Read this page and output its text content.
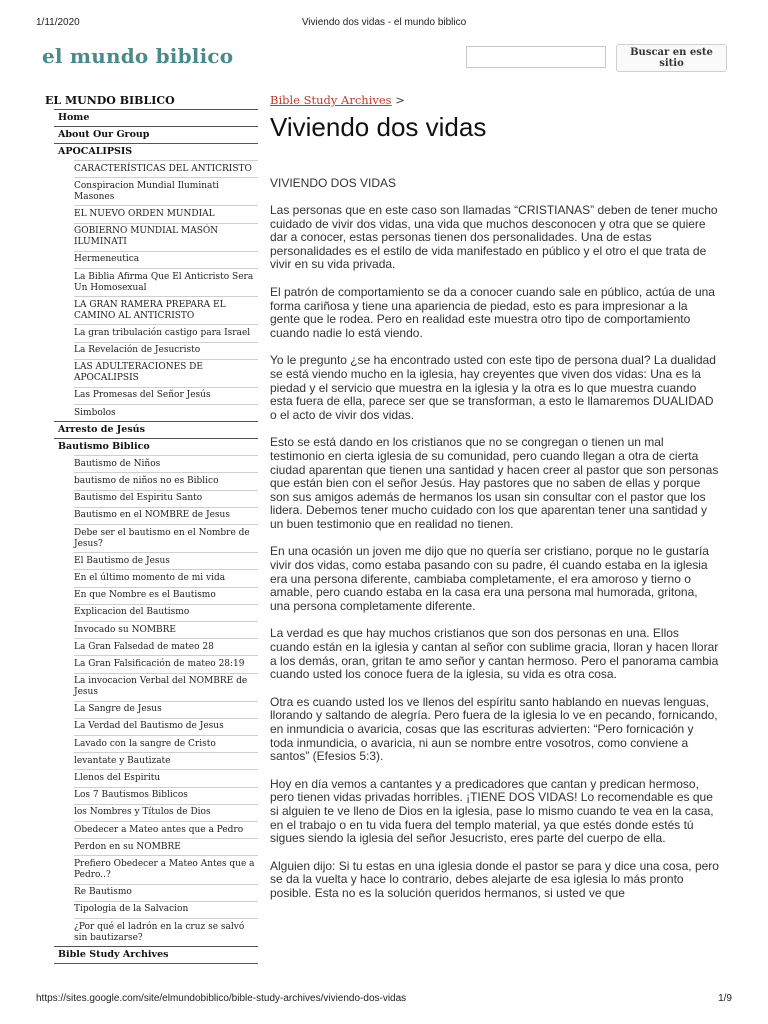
1/11/2020	Viviendo dos vidas - el mundo biblico
el mundo biblico	Buscar en este sitio
EL MUNDO BIBLICO
Home
About Our Group
APOCALIPSIS
CARACTERÍSTICAS DEL ANTICRISTO
Conspiracion Mundial Iluminati Masones
EL NUEVO ORDEN MUNDIAL
GOBIERNO MUNDIAL MASÓN ILUMINATI
Hermeneutica
La Biblia Afirma Que El Anticristo Sera Un Homosexual
LA GRAN RAMERA PREPARA EL CAMINO AL ANTICRISTO
La gran tribulación castigo para Israel
La Revelación de Jesucristo
LAS ADULTERACIONES DE APOCALIPSIS
Las Promesas del Señor Jesús
Simbolos
Arresto de Jesús
Bautismo Biblico
Bautismo de Niños
bautismo de niños no es Biblico
Bautismo del Espiritu Santo
Bautismo en el NOMBRE de Jesus
Debe ser el bautismo en el Nombre de Jesus?
El Bautismo de Jesus
En el último momento de mi vida
En que Nombre es el Bautismo
Explicacion del Bautismo
Invocado su NOMBRE
La Gran Falsedad de mateo 28
La Gran Falsificación de mateo 28:19
La invocacion Verbal del NOMBRE de Jesus
La Sangre de Jesus
La Verdad del Bautismo de Jesus
Lavado con la sangre de Cristo
levantate y Bautizate
Llenos del Espiritu
Los 7 Bautismos Biblicos
los Nombres y Títulos de Dios
Obedecer a Mateo antes que a Pedro
Perdon en su NOMBRE
Prefiero Obedecer a Mateo Antes que a Pedro..?
Re Bautismo
Tipologia de la Salvacion
¿Por qué el ladrón en la cruz se salvó sin bautizarse?
Bible Study Archives
Bible Study Archives >
Viviendo dos vidas
VIVIENDO DOS VIDAS

Las personas que en este caso son llamadas “CRISTIANAS” deben de tener mucho cuidado de vivir dos vidas, una vida que muchos desconocen y otra que se quiere dar a conocer, estas personas tienen dos personalidades. Una de estas personalidades es el estilo de vida manifestado en público y el otro el que trata de vivir en su vida privada.

El patrón de comportamiento se da a conocer cuando sale en público, actúa de una forma cariñosa y tiene una apariencia de piedad, esto es para impresionar a la gente que le rodea. Pero en realidad este muestra otro tipo de comportamiento cuando nadie lo está viendo.

Yo le pregunto ¿se ha encontrado usted con este tipo de persona dual? La dualidad se está viendo mucho en la iglesia, hay creyentes que viven dos vidas: Una es la piedad y el servicio que muestra en la iglesia y la otra es lo que muestra cuando esta fuera de ella, parece ser que se transforman, a esto le llamaremos DUALIDAD o el acto de vivir dos vidas.

Esto se está dando en los cristianos que no se congregan o tienen un mal testimonio en cierta iglesia de su comunidad, pero cuando llegan a otra de cierta ciudad aparentan que tienen una santidad y hacen creer al pastor que son personas que están bien con el señor Jesús. Hay pastores que no saben de ellas y porque son sus amigos además de hermanos los usan sin consultar con el pastor que los lidera. Debemos tener mucho cuidado con los que aparentan tener una santidad y un buen testimonio que en realidad no tienen.

En una ocasión un joven me dijo que no quería ser cristiano, porque no le gustaría vivir dos vidas, como estaba pasando con su padre, él cuando estaba en la iglesia era una persona diferente, cambiaba completamente, el era amoroso y tierno o amable, pero cuando estaba en la casa era una persona mal humorada, gritona, una persona completamente diferente.

La verdad es que hay muchos cristianos que son dos personas en una. Ellos cuando están en la iglesia y cantan al señor con sublime gracia, lloran y hacen llorar a los demás, oran, gritan te amo señor y cantan hermoso. Pero el panorama cambia cuando usted los conoce fuera de la iglesia, su vida es otra cosa.

Otra es cuando usted los ve llenos del espíritu santo hablando en nuevas lenguas, llorando y saltando de alegría. Pero fuera de la iglesia lo ve en pecando, fornicando, en inmundicia o avaricia, cosas que las escrituras advierten: “Pero fornicación y toda inmundicia, o avaricia, ni aun se nombre entre vosotros, como conviene a santos” (Efesios 5:3).

Hoy en día vemos a cantantes y a predicadores que cantan y predican hermoso, pero tienen vidas privadas horribles. ¡TIENE DOS VIDAS! Lo recomendable es que si alguien te ve lleno de Dios en la iglesia, pase lo mismo cuando te vea en la casa, en el trabajo o en tu vida fuera del templo material, ya que estés donde estés tú sigues siendo la iglesia del señor Jesucristo, eres parte del cuerpo de ella.

Alguien dijo: Si tu estas en una iglesia donde el pastor se para y dice una cosa, pero se da la vuelta y hace lo contrario, debes alejarte de esa iglesia lo más pronto posible. Esta no es la solución queridos hermanos, si usted ve que

https://sites.google.com/site/elmundobiblico/bible-study-archives/viviendo-dos-vidas	1/9
